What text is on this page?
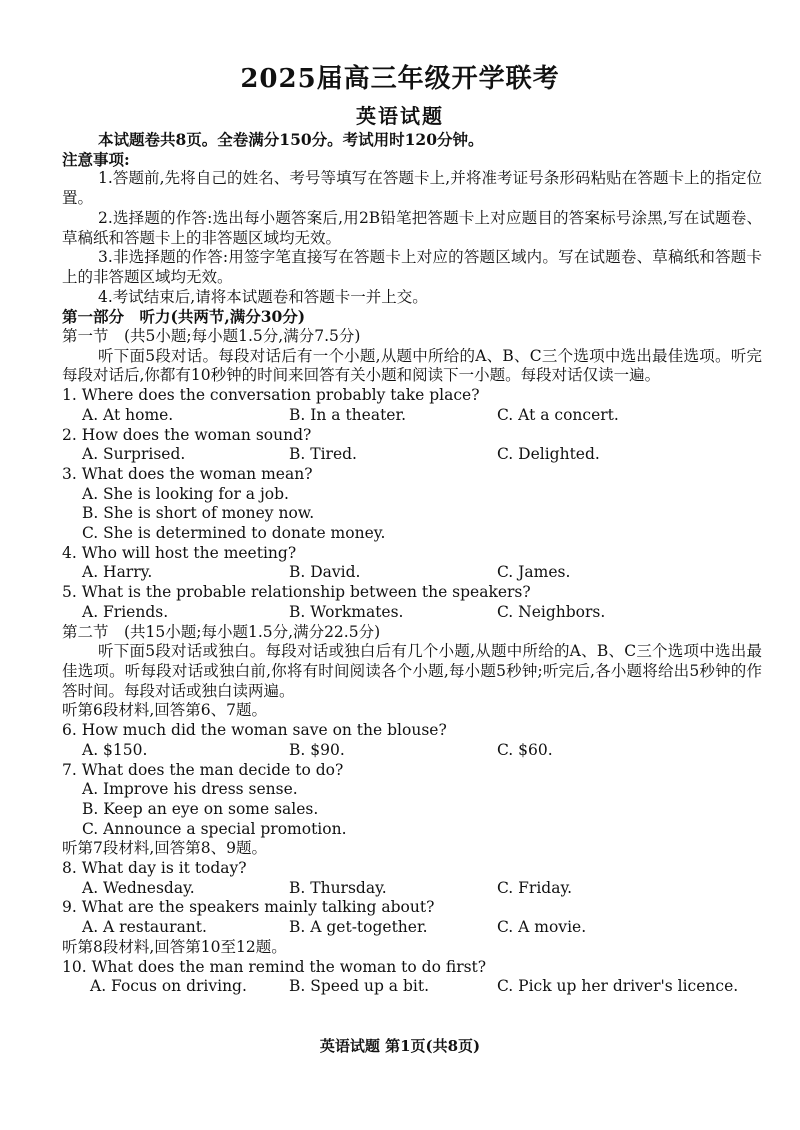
2025届高三年级开学联考
英语试题
本试题卷共8页。全卷满分150分。考试用时120分钟。
注意事项:
1.答题前,先将自己的姓名、考号等填写在答题卡上,并将准考证号条形码粘贴在答题卡上的指定位置。
2.选择题的作答:选出每小题答案后,用2B铅笔把答题卡上对应题目的答案标号涂黑,写在试题卷、草稿纸和答题卡上的非答题区域均无效。
3.非选择题的作答:用签字笔直接写在答题卡上对应的答题区域内。写在试题卷、草稿纸和答题卡上的非答题区域均无效。
4.考试结束后,请将本试题卷和答题卡一并上交。
第一部分　听力(共两节,满分30分)
第一节　(共5小题;每小题1.5分,满分7.5分)
听下面5段对话。每段对话后有一个小题,从题中所给的A、B、C三个选项中选出最佳选项。听完每段对话后,你都有10秒钟的时间来回答有关小题和阅读下一小题。每段对话仅读一遍。
1. Where does the conversation probably take place?
A. At home.	B. In a theater.	C. At a concert.
2. How does the woman sound?
A. Surprised.	B. Tired.	C. Delighted.
3. What does the woman mean?
A. She is looking for a job.
B. She is short of money now.
C. She is determined to donate money.
4. Who will host the meeting?
A. Harry.	B. David.	C. James.
5. What is the probable relationship between the speakers?
A. Friends.	B. Workmates.	C. Neighbors.
第二节　(共15小题;每小题1.5分,满分22.5分)
听下面5段对话或独白。每段对话或独白后有几个小题,从题中所给的A、B、C三个选项中选出最佳选项。听每段对话或独白前,你将有时间阅读各个小题,每小题5秒钟;听完后,各小题将给出5秒钟的作答时间。每段对话或独白读两遍。
听第6段材料,回答第6、7题。
6. How much did the woman save on the blouse?
A. $150.	B. $90.	C. $60.
7. What does the man decide to do?
A. Improve his dress sense.
B. Keep an eye on some sales.
C. Announce a special promotion.
听第7段材料,回答第8、9题。
8. What day is it today?
A. Wednesday.	B. Thursday.	C. Friday.
9. What are the speakers mainly talking about?
A. A restaurant.	B. A get-together.	C. A movie.
听第8段材料,回答第10至12题。
10. What does the man remind the woman to do first?
A. Focus on driving.	B. Speed up a bit.	C. Pick up her driver's licence.
英语试题 第1页(共8页)
